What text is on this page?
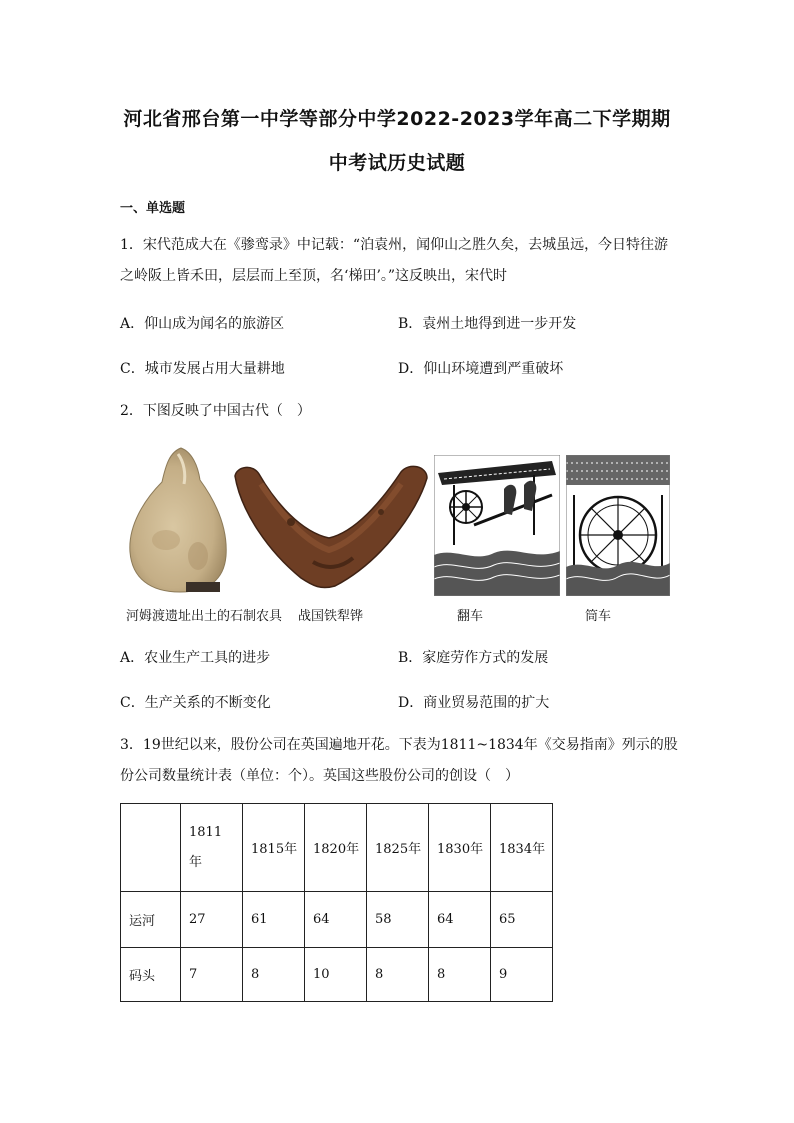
河北省邢台第一中学等部分中学2022-2023学年高二下学期期
中考试历史试题
一、单选题
1．宋代范成大在《骖鸾录》中记载：“泊袁州，闻仰山之胜久矣，去城虽远，今日特往游
之岭阪上皆禾田，层层而上至顶，名‘梯田’。”这反映出，宋代时
A．仰山成为闻名的旅游区	B．袁州土地得到进一步开发
C．城市发展占用大量耕地	D．仰山环境遭到严重破坏
2．下图反映了中国古代（　）
河姆渡遗址出土的石制农具 战国铁犁铧	翻车	筒车
A．农业生产工具的进步	B．家庭劳作方式的发展
C．生产关系的不断变化	D．商业贸易范围的扩大
3．19世纪以来，股份公司在英国遍地开花。下表为1811~1834年《交易指南》列示的股
份公司数量统计表（单位：个）。英国这些股份公司的创设（　）
	1811年	1815年	1820年	1825年	1830年	1834年
运河	27	61	64	58	64	65
码头	7	8	10	8	8	9
